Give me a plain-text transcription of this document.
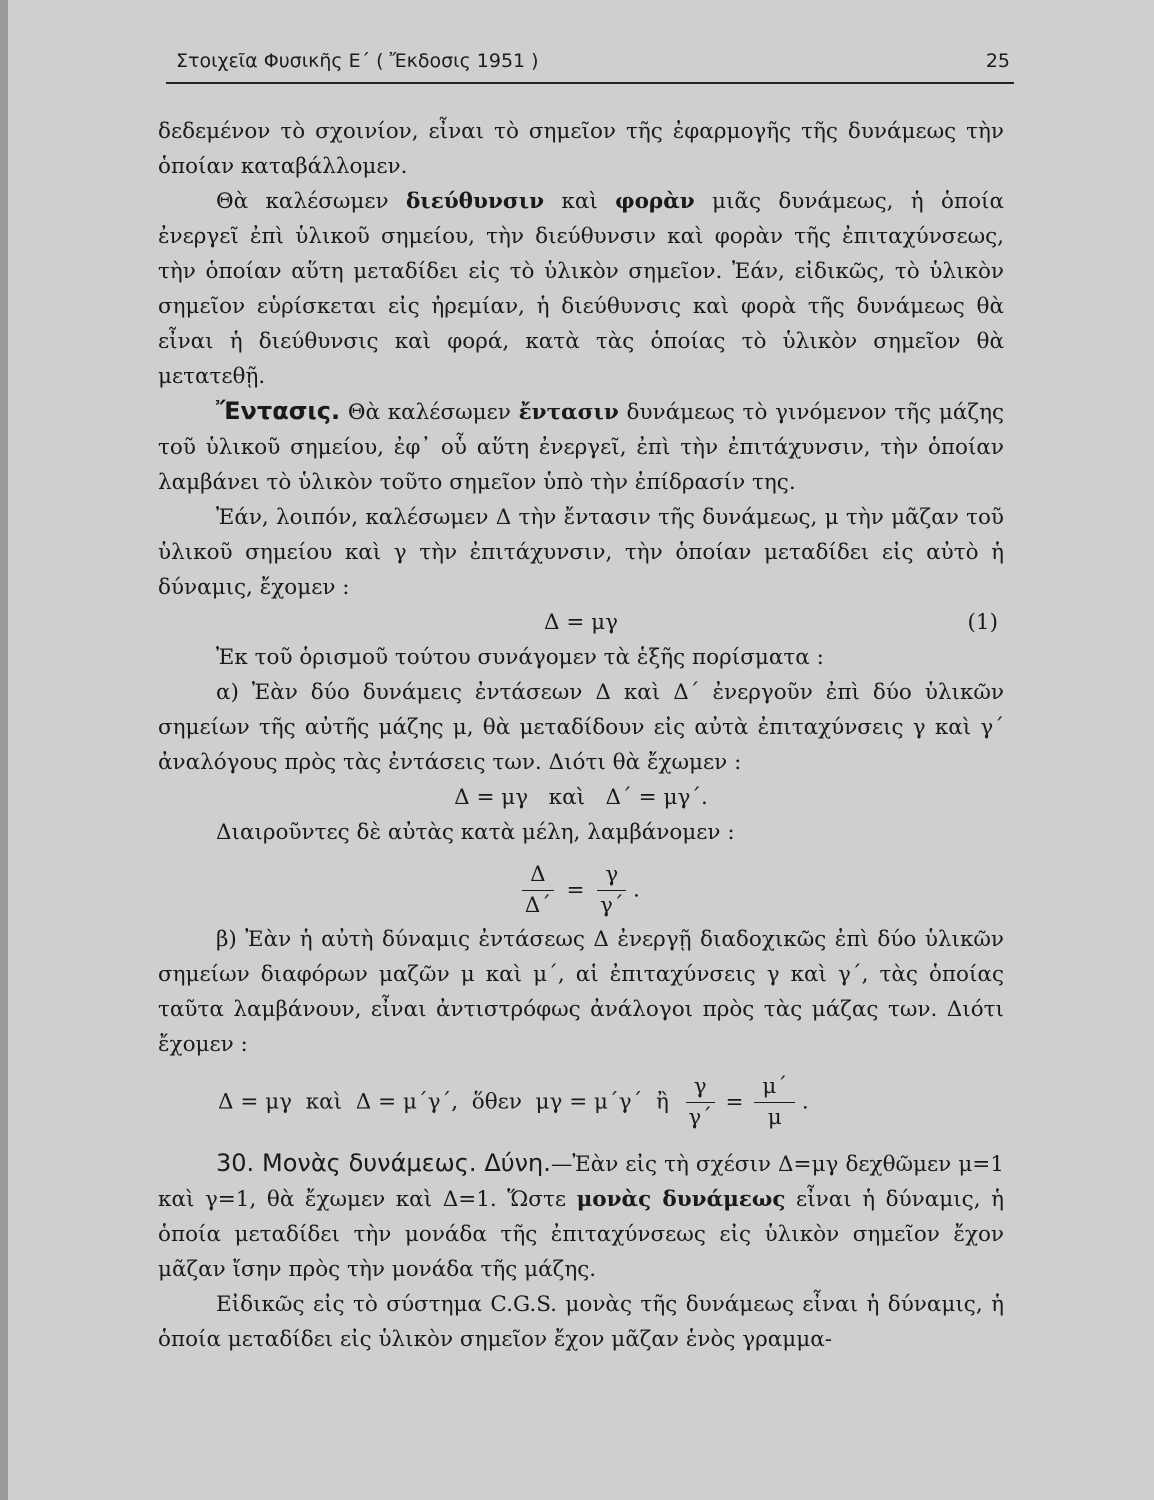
Στοιχεῖα Φυσικῆς Ε΄ ( Ἔκδοσις 1951 )	25

δεδεμένον τὸ σχοινίον, εἶναι τὸ σημεῖον τῆς ἐφαρμογῆς τῆς δυνάμεως τὴν ὁποίαν καταβάλλομεν.

Θὰ καλέσωμεν διεύθυνσιν καὶ φορὰν μιᾶς δυνάμεως, ἡ ὁποία ἐνεργεῖ ἐπὶ ὑλικοῦ σημείου, τὴν διεύθυνσιν καὶ φορὰν τῆς ἐπιταχύνσεως, τὴν ὁποίαν αὕτη μεταδίδει εἰς τὸ ὑλικὸν σημεῖον. Ἐάν, εἰδικῶς, τὸ ὑλικὸν σημεῖον εὑρίσκεται εἰς ἠρεμίαν, ἡ διεύθυνσις καὶ φορὰ τῆς δυνάμεως θὰ εἶναι ἡ διεύθυνσις καὶ φορά, κατὰ τὰς ὁποίας τὸ ὑλικὸν σημεῖον θὰ μετατεθῇ.

Ἔντασις. Θὰ καλέσωμεν ἔντασιν δυνάμεως τὸ γινόμενον τῆς μάζης τοῦ ὑλικοῦ σημείου, ἐφ᾽ οὗ αὕτη ἐνεργεῖ, ἐπὶ τὴν ἐπιτάχυνσιν, τὴν ὁποίαν λαμβάνει τὸ ὑλικὸν τοῦτο σημεῖον ὑπὸ τὴν ἐπίδρασίν της.

Ἐάν, λοιπόν, καλέσωμεν Δ τὴν ἔντασιν τῆς δυνάμεως, μ τὴν μᾶζαν τοῦ ὑλικοῦ σημείου καὶ γ τὴν ἐπιτάχυνσιν, τὴν ὁποίαν μεταδίδει εἰς αὐτὸ ἡ δύναμις, ἔχομεν :

Δ = μγ	(1)

Ἐκ τοῦ ὁρισμοῦ τούτου συνάγομεν τὰ ἑξῆς πορίσματα :

α) Ἐὰν δύο δυνάμεις ἐντάσεων Δ καὶ Δ΄ ἐνεργοῦν ἐπὶ δύο ὑλικῶν σημείων τῆς αὐτῆς μάζης μ, θὰ μεταδίδουν εἰς αὐτὰ ἐπιταχύνσεις γ καὶ γ΄ ἀναλόγους πρὸς τὰς ἐντάσεις των. Διότι θὰ ἔχωμεν :

Δ = μγ   καὶ   Δ΄ = μγ΄.

Διαιροῦντες δὲ αὐτὰς κατὰ μέλη, λαμβάνομεν :

$\frac{\Delta}{\Delta΄} = \frac{\gamma}{\gamma΄}$ .

β) Ἐὰν ἡ αὐτὴ δύναμις ἐντάσεως Δ ἐνεργῇ διαδοχικῶς ἐπὶ δύο ὑλικῶν σημείων διαφόρων μαζῶν μ καὶ μ΄, αἱ ἐπιταχύνσεις γ καὶ γ΄, τὰς ὁποίας ταῦτα λαμβάνουν, εἶναι ἀντιστρόφως ἀνάλογοι πρὸς τὰς μάζας των. Διότι ἔχομεν :

Δ = μγ  καὶ  Δ = μ΄γ΄,  ὅθεν  μγ = μ΄γ΄  ἢ $\frac{\gamma}{\gamma΄} = \frac{\mu΄}{\mu}$ .

30. Μονὰς δυνάμεως. Δύνη.—Ἐὰν εἰς τὴ σχέσιν Δ=μγ δεχθῶμεν μ=1 καὶ γ=1, θὰ ἔχωμεν καὶ Δ=1. Ὥστε μονὰς δυνάμεως εἶναι ἡ δύναμις, ἡ ὁποία μεταδίδει τὴν μονάδα τῆς ἐπιταχύνσεως εἰς ὑλικὸν σημεῖον ἔχον μᾶζαν ἴσην πρὸς τὴν μονάδα τῆς μάζης.

Εἰδικῶς εἰς τὸ σύστημα C.G.S. μονὰς τῆς δυνάμεως εἶναι ἡ δύναμις, ἡ ὁποία μεταδίδει εἰς ὑλικὸν σημεῖον ἔχον μᾶζαν ἑνὸς γραμμα-
